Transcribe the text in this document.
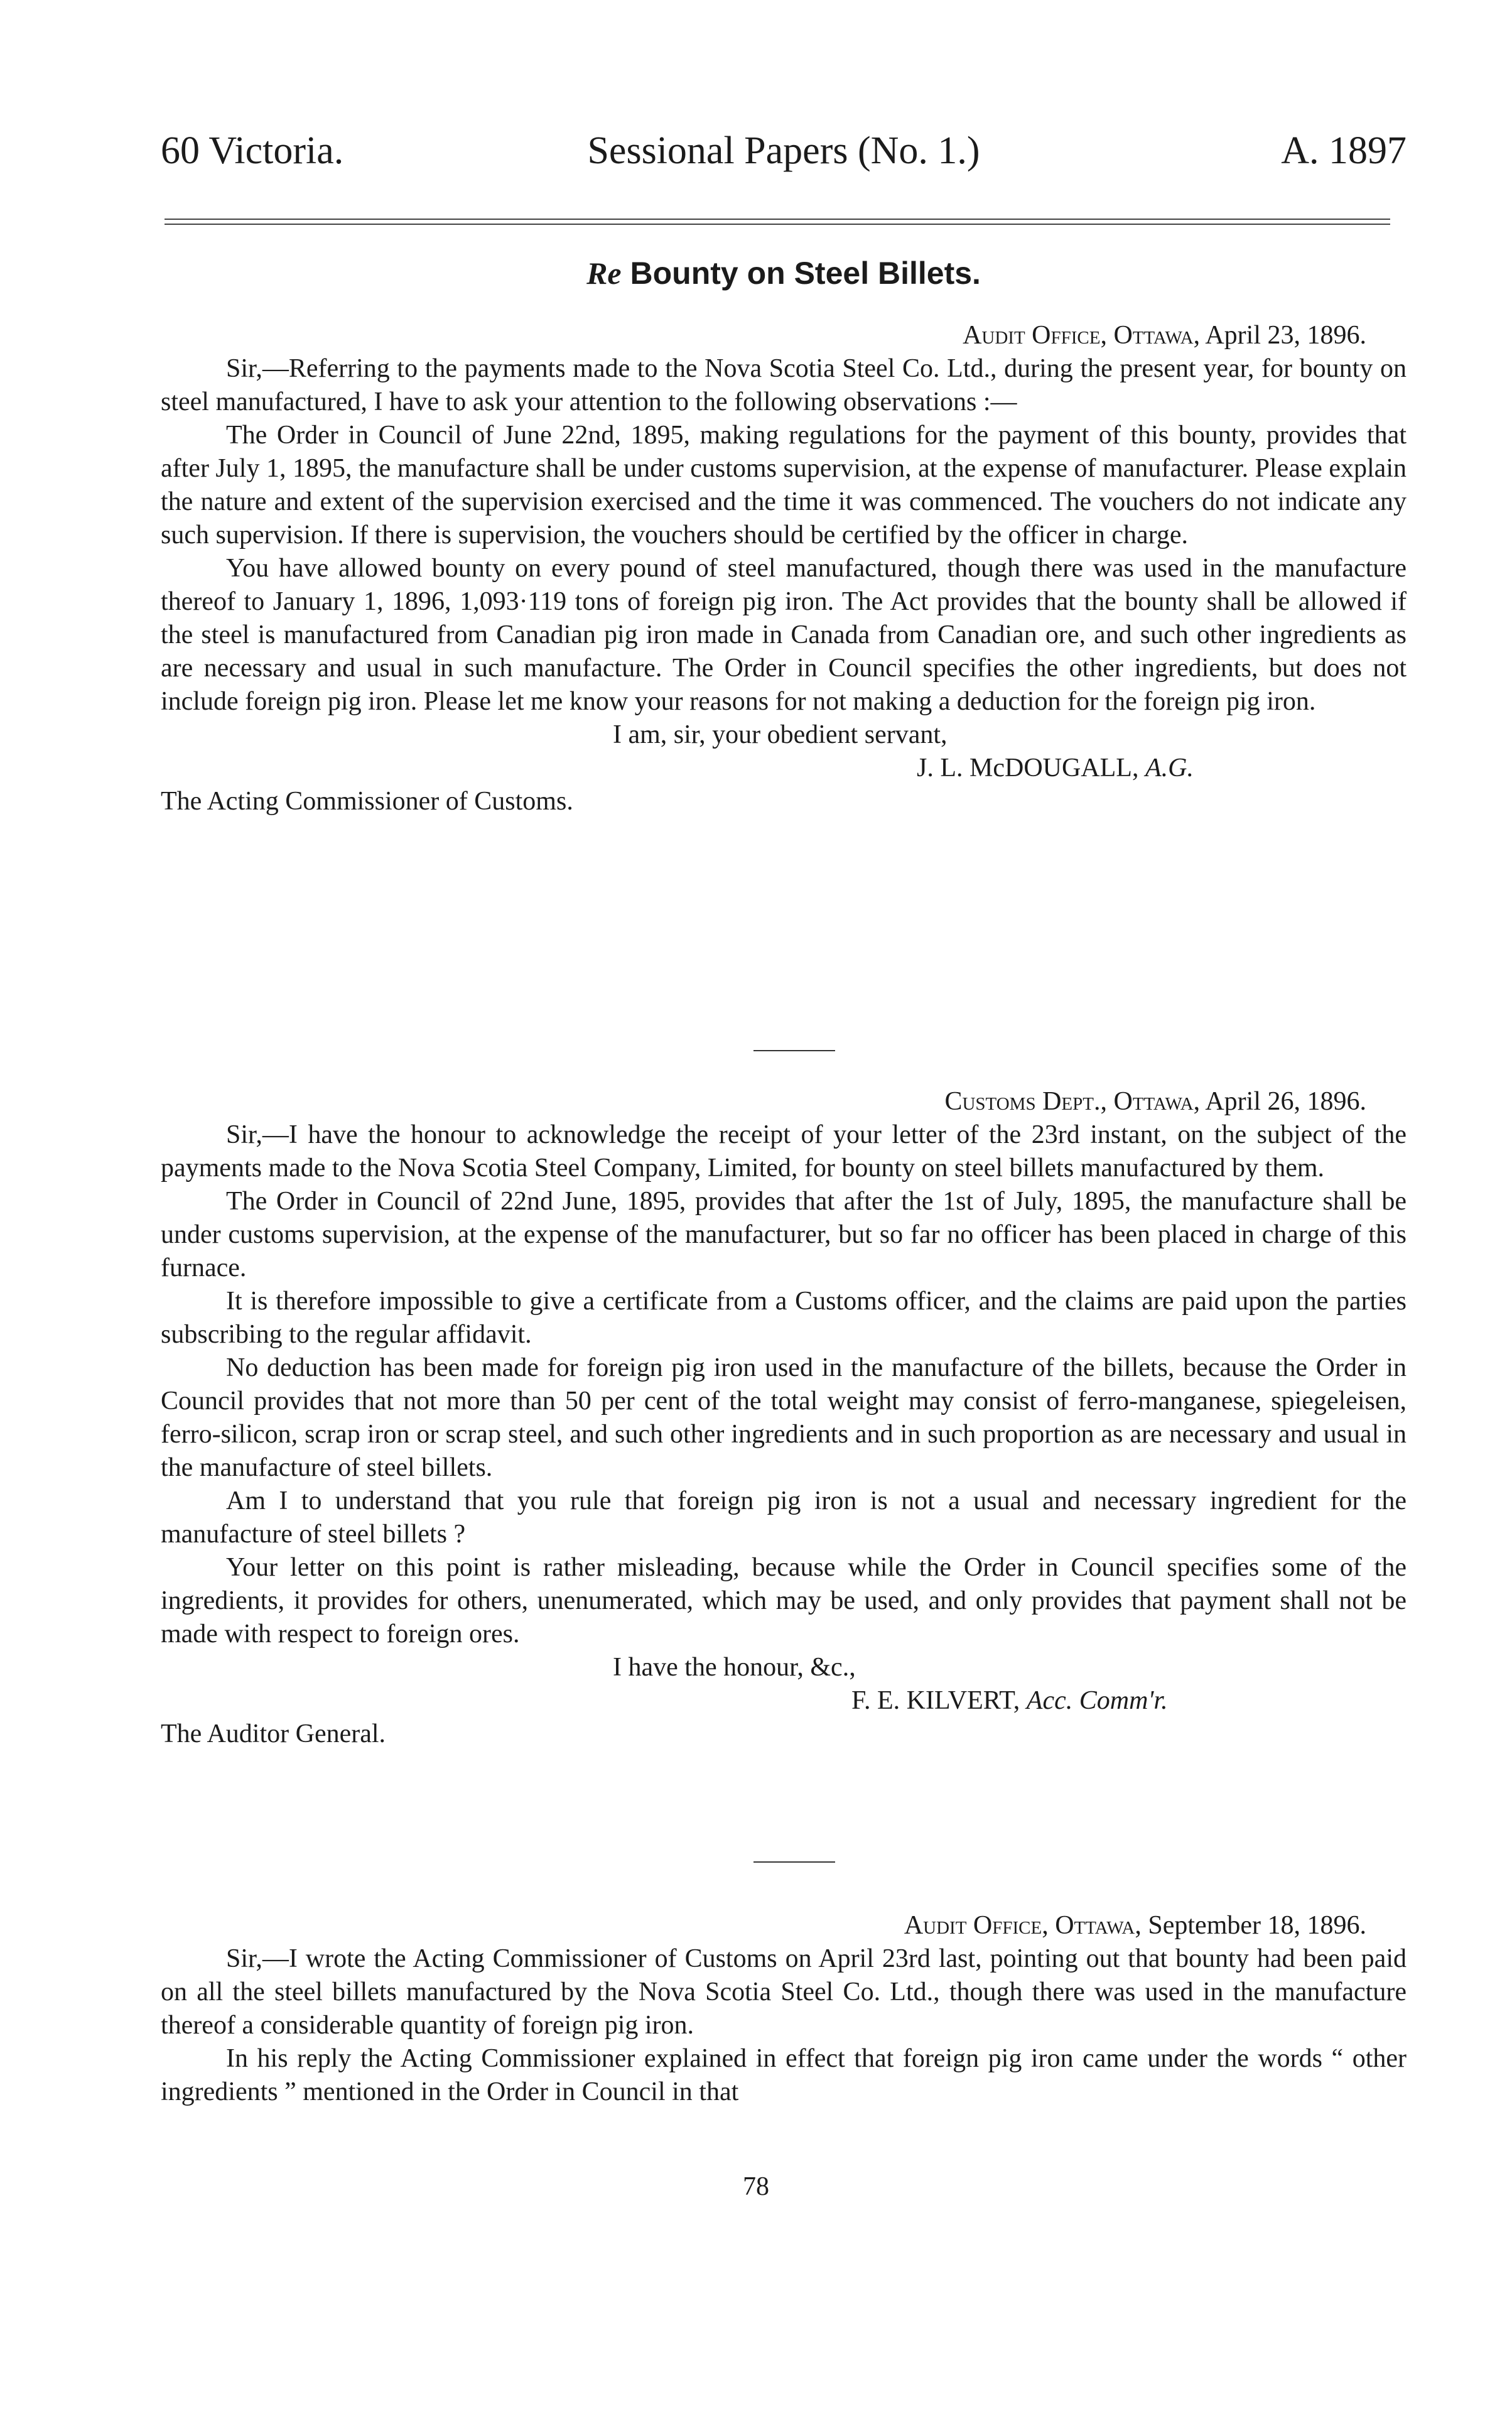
60 Victoria.	Sessional Papers (No. 1.)	A. 1897
Re Bounty on Steel Billets.

Audit Office, Ottawa, April 23, 1896.

Sir,—Referring to the payments made to the Nova Scotia Steel Co. Ltd., during the present year, for bounty on steel manufactured, I have to ask your attention to the following observations :—

The Order in Council of June 22nd, 1895, making regulations for the payment of this bounty, provides that after July 1, 1895, the manufacture shall be under customs supervision, at the expense of manufacturer. Please explain the nature and extent of the supervision exercised and the time it was commenced. The vouchers do not indicate any such supervision. If there is supervision, the vouchers should be certified by the officer in charge.

You have allowed bounty on every pound of steel manufactured, though there was used in the manufacture thereof to January 1, 1896, 1,093·119 tons of foreign pig iron. The Act provides that the bounty shall be allowed if the steel is manufactured from Canadian pig iron made in Canada from Canadian ore, and such other ingredients as are necessary and usual in such manufacture. The Order in Council specifies the other ingredients, but does not include foreign pig iron. Please let me know your reasons for not making a deduction for the foreign pig iron.

I am, sir, your obedient servant,

J. L. McDOUGALL, A.G.

The Acting Commissioner of Customs.

Customs Dept., Ottawa, April 26, 1896.

Sir,—I have the honour to acknowledge the receipt of your letter of the 23rd instant, on the subject of the payments made to the Nova Scotia Steel Company, Limited, for bounty on steel billets manufactured by them.

The Order in Council of 22nd June, 1895, provides that after the 1st of July, 1895, the manufacture shall be under customs supervision, at the expense of the manufacturer, but so far no officer has been placed in charge of this furnace.

It is therefore impossible to give a certificate from a Customs officer, and the claims are paid upon the parties subscribing to the regular affidavit.

No deduction has been made for foreign pig iron used in the manufacture of the billets, because the Order in Council provides that not more than 50 per cent of the total weight may consist of ferro-manganese, spiegeleisen, ferro-silicon, scrap iron or scrap steel, and such other ingredients and in such proportion as are necessary and usual in the manufacture of steel billets.

Am I to understand that you rule that foreign pig iron is not a usual and necessary ingredient for the manufacture of steel billets ?

Your letter on this point is rather misleading, because while the Order in Council specifies some of the ingredients, it provides for others, unenumerated, which may be used, and only provides that payment shall not be made with respect to foreign ores.

I have the honour, &c.,

F. E. KILVERT, Acc. Comm'r.

The Auditor General.

Audit Office, Ottawa, September 18, 1896.

Sir,—I wrote the Acting Commissioner of Customs on April 23rd last, pointing out that bounty had been paid on all the steel billets manufactured by the Nova Scotia Steel Co. Ltd., though there was used in the manufacture thereof a considerable quantity of foreign pig iron.

In his reply the Acting Commissioner explained in effect that foreign pig iron came under the words “ other ingredients ” mentioned in the Order in Council in that

78
